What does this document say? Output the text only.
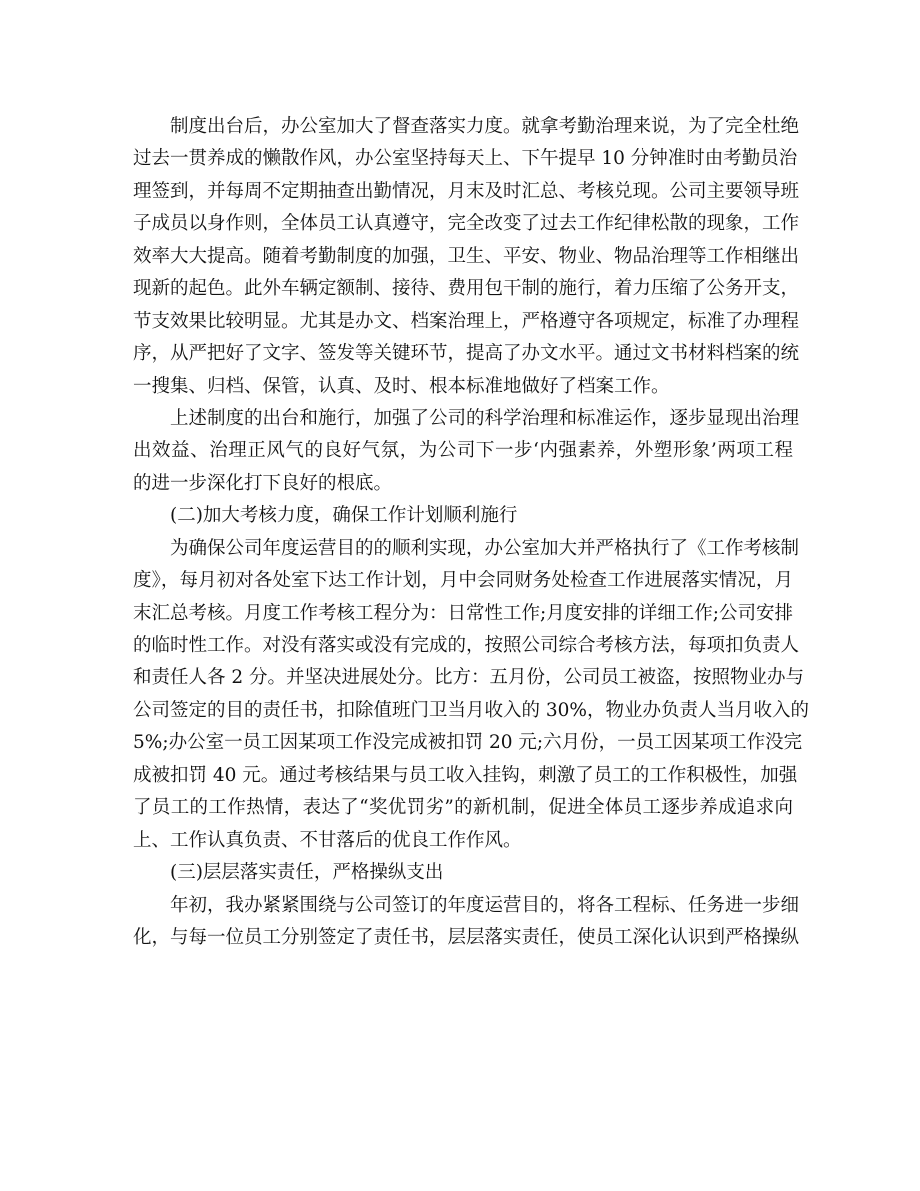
制度出台后，办公室加大了督查落实力度。就拿考勤治理来说，为了完全杜绝
过去一贯养成的懒散作风，办公室坚持每天上、下午提早 10 分钟准时由考勤员治
理签到，并每周不定期抽查出勤情况，月末及时汇总、考核兑现。公司主要领导班
子成员以身作则，全体员工认真遵守，完全改变了过去工作纪律松散的现象，工作
效率大大提高。随着考勤制度的加强，卫生、平安、物业、物品治理等工作相继出
现新的起色。此外车辆定额制、接待、费用包干制的施行，着力压缩了公务开支，
节支效果比较明显。尤其是办文、档案治理上，严格遵守各项规定，标准了办理程
序，从严把好了文字、签发等关键环节，提高了办文水平。通过文书材料档案的统
一搜集、归档、保管，认真、及时、根本标准地做好了档案工作。
上述制度的出台和施行，加强了公司的科学治理和标准运作，逐步显现出治理
出效益、治理正风气的良好气氛，为公司下一步‘内强素养，外塑形象’两项工程
的进一步深化打下良好的根底。
(二)加大考核力度，确保工作计划顺利施行
为确保公司年度运营目的的顺利实现，办公室加大并严格执行了《工作考核制
度》，每月初对各处室下达工作计划，月中会同财务处检查工作进展落实情况，月
末汇总考核。月度工作考核工程分为：日常性工作;月度安排的详细工作;公司安排
的临时性工作。对没有落实或没有完成的，按照公司综合考核方法，每项扣负责人
和责任人各 2 分。并坚决进展处分。比方：五月份，公司员工被盗，按照物业办与
公司签定的目的责任书，扣除值班门卫当月收入的 30%，物业办负责人当月收入的
5%;办公室一员工因某项工作没完成被扣罚 20 元;六月份，一员工因某项工作没完
成被扣罚 40 元。通过考核结果与员工收入挂钩，刺激了员工的工作积极性，加强
了员工的工作热情，表达了“奖优罚劣”的新机制，促进全体员工逐步养成追求向
上、工作认真负责、不甘落后的优良工作作风。
(三)层层落实责任，严格操纵支出
年初，我办紧紧围绕与公司签订的年度运营目的，将各工程标、任务进一步细
化，与每一位员工分别签定了责任书，层层落实责任，使员工深化认识到严格操纵
